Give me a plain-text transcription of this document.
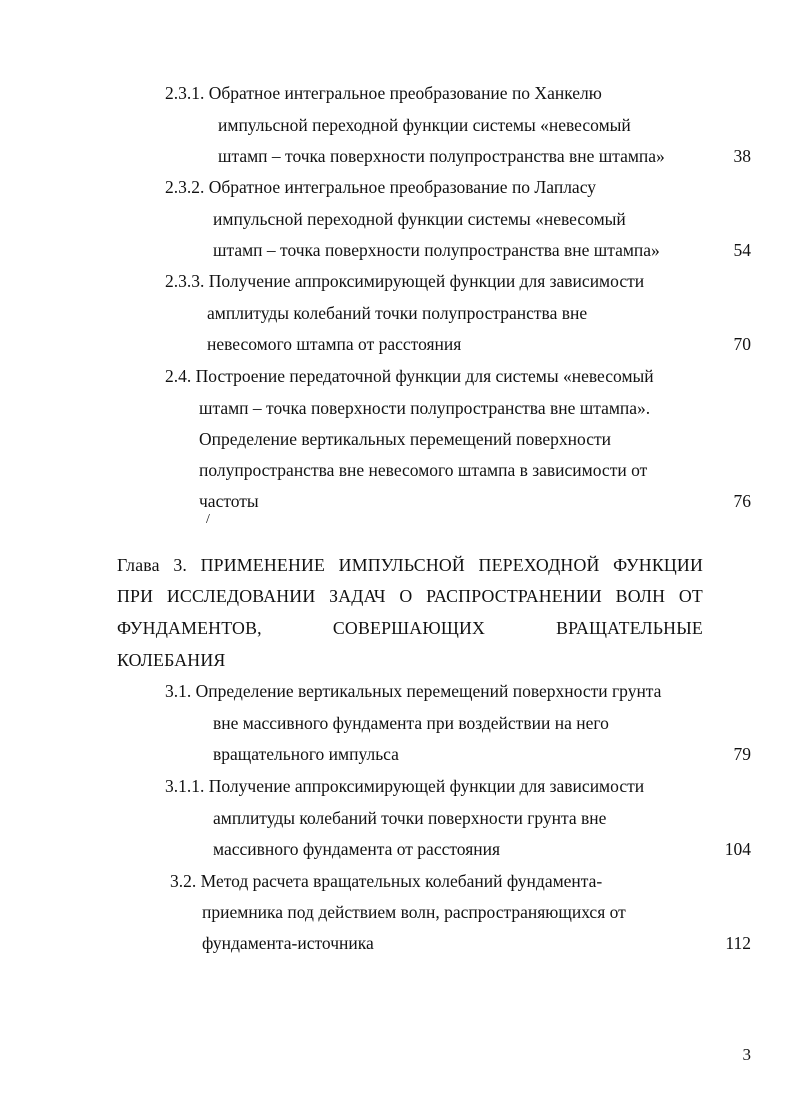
2.3.1. Обратное интегральное преобразование по Ханкелю
импульсной переходной функции системы «невесомый
штамп – точка поверхности полупространства вне штампа»	38
2.3.2. Обратное интегральное преобразование по Лапласу
импульсной переходной функции системы «невесомый
штамп – точка поверхности полупространства вне штампа»	54
2.3.3. Получение аппроксимирующей функции для зависимости
амплитуды колебаний точки полупространства вне
невесомого штампа от расстояния	70
2.4. Построение передаточной функции для системы «невесомый
штамп – точка поверхности полупространства вне штампа».
Определение вертикальных перемещений поверхности
полупространства вне невесомого штампа в зависимости от
частоты	76
/
Глава 3. ПРИМЕНЕНИЕ ИМПУЛЬСНОЙ ПЕРЕХОДНОЙ ФУНКЦИИ
ПРИ ИССЛЕДОВАНИИ ЗАДАЧ О РАСПРОСТРАНЕНИИ ВОЛН ОТ
ФУНДАМЕНТОВ, СОВЕРШАЮЩИХ ВРАЩАТЕЛЬНЫЕ
КОЛЕБАНИЯ
3.1. Определение вертикальных перемещений поверхности грунта
вне массивного фундамента при воздействии на него
вращательного импульса	79
3.1.1. Получение аппроксимирующей функции для зависимости
амплитуды колебаний точки поверхности грунта вне
массивного фундамента от расстояния	104
3.2. Метод расчета вращательных колебаний фундамента-
приемника под действием волн, распространяющихся от
фундамента-источника	112
3
